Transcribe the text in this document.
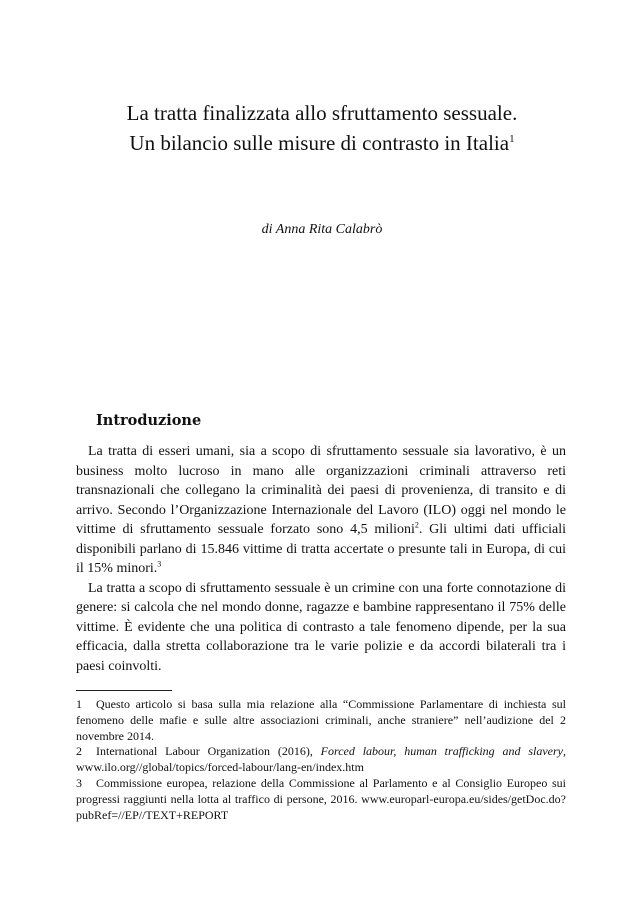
La tratta finalizzata allo sfruttamento sessuale.
Un bilancio sulle misure di contrasto in Italia$^1$
di Anna Rita Calabrò
Introduzione

La tratta di esseri umani, sia a scopo di sfruttamento sessuale sia lavorativo, è un business molto lucroso in mano alle organizzazioni criminali attraverso reti transnazionali che collegano la criminalità dei paesi di provenienza, di transito e di arrivo. Secondo l’Organizzazione Internazionale del Lavoro (ILO) oggi nel mondo le vittime di sfruttamento sessuale forzato sono 4,5 milioni$^2$. Gli ultimi dati ufficiali disponibili parlano di 15.846 vittime di tratta accertate o presunte tali in Europa, di cui il 15% minori.$^3$

La tratta a scopo di sfruttamento sessuale è un crimine con una forte connotazione di genere: si calcola che nel mondo donne, ragazze e bambine rappresentano il 75% delle vittime. È evidente che una politica di contrasto a tale fenomeno dipende, per la sua efficacia, dalla stretta collaborazione tra le varie polizie e da accordi bilaterali tra i paesi coinvolti.

1 Questo articolo si basa sulla mia relazione alla “Commissione Parlamentare di inchiesta sul fenomeno delle mafie e sulle altre associazioni criminali, anche straniere” nell’audizione del 2 novembre 2014.

2 International Labour Organization (2016), Forced labour, human trafficking and slavery, www.ilo.org//global/topics/forced-labour/lang-en/index.htm

3 Commissione europea, relazione della Commissione al Parlamento e al Consiglio Europeo sui progressi raggiunti nella lotta al traffico di persone, 2016. www.europarl-europa.eu/sides/getDoc.do?pubRef=//EP//TEXT+REPORT
